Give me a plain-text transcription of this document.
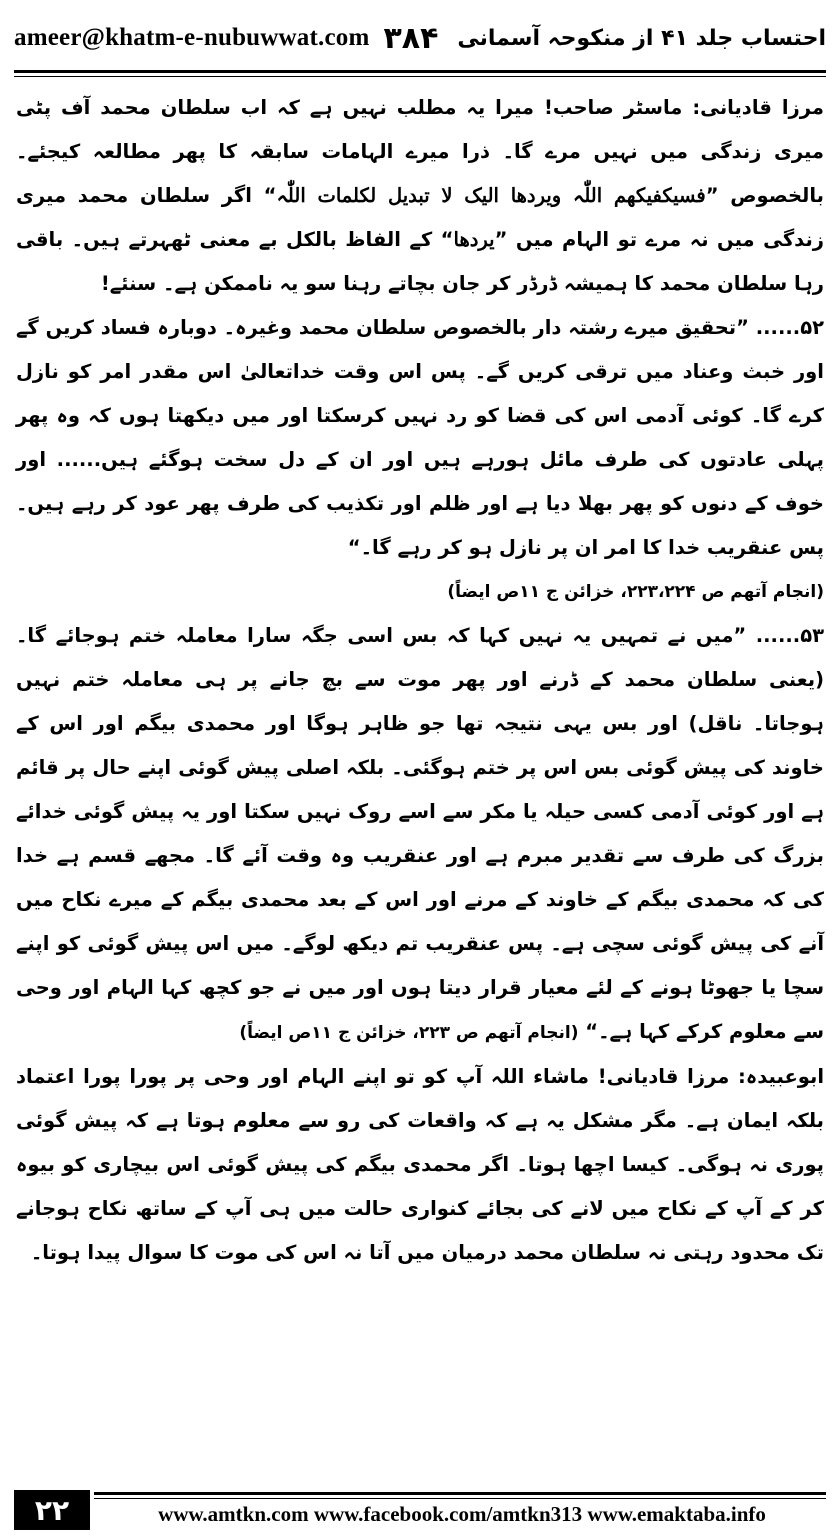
ameer@khatm-e-nubuwwat.com ۳۸۴ احتساب جلد ۴۱ از منکوحہ آسمانی

مرزا قادیانی: ماسٹر صاحب! میرا یہ مطلب نہیں ہے کہ اب سلطان محمد آف پٹی میری زندگی میں نہیں مرے گا۔ ذرا میرے الہامات سابقہ کا پھر مطالعہ کیجئے۔ بالخصوص ”فسیکفیکھم اللّٰہ ویردھا الیک لا تبدیل لکلمات اللّٰہ“ اگر سلطان محمد میری زندگی میں نہ مرے تو الہام میں ”یردھا“ کے الفاظ بالکل بے معنی ٹھہرتے ہیں۔ باقی رہا سلطان محمد کا ہمیشہ ڈرڈر کر جان بچاتے رہنا سو یہ ناممکن ہے۔ سنئے!

۵۲...... ”تحقیق میرے رشتہ دار بالخصوص سلطان محمد وغیرہ۔ دوبارہ فساد کریں گے اور خبث وعناد میں ترقی کریں گے۔ پس اس وقت خداتعالیٰ اس مقدر امر کو نازل کرے گا۔ کوئی آدمی اس کی قضا کو رد نہیں کرسکتا اور میں دیکھتا ہوں کہ وہ پھر پہلی عادتوں کی طرف مائل ہورہے ہیں اور ان کے دل سخت ہوگئے ہیں...... اور خوف کے دنوں کو پھر بھلا دیا ہے اور ظلم اور تکذیب کی طرف پھر عود کر رہے ہیں۔ پس عنقریب خدا کا امر ان پر نازل ہو کر رہے گا۔“

(انجام آتھم ص ۲۲۳،۲۲۴، خزائن ج ۱۱ص ایضاً)

۵۳...... ”میں نے تمہیں یہ نہیں کہا کہ بس اسی جگہ سارا معاملہ ختم ہوجائے گا۔ (یعنی سلطان محمد کے ڈرنے اور پھر موت سے بچ جانے پر ہی معاملہ ختم نہیں ہوجاتا۔ ناقل) اور بس یہی نتیجہ تھا جو ظاہر ہوگا اور محمدی بیگم اور اس کے خاوند کی پیش گوئی بس اس پر ختم ہوگئی۔ بلکہ اصلی پیش گوئی اپنے حال پر قائم ہے اور کوئی آدمی کسی حیلہ یا مکر سے اسے روک نہیں سکتا اور یہ پیش گوئی خدائے بزرگ کی طرف سے تقدیر مبرم ہے اور عنقریب وہ وقت آئے گا۔ مجھے قسم ہے خدا کی کہ محمدی بیگم کے خاوند کے مرنے اور اس کے بعد محمدی بیگم کے میرے نکاح میں آنے کی پیش گوئی سچی ہے۔ پس عنقریب تم دیکھ لوگے۔ میں اس پیش گوئی کو اپنے سچا یا جھوٹا ہونے کے لئے معیار قرار دیتا ہوں اور میں نے جو کچھ کہا الہام اور وحی سے معلوم کرکے کہا ہے۔“ (انجام آتھم ص ۲۲۳، خزائن ج ۱۱ص ایضاً)

ابوعبیدہ: مرزا قادیانی! ماشاء اللہ آپ کو تو اپنے الہام اور وحی پر پورا پورا اعتماد بلکہ ایمان ہے۔ مگر مشکل یہ ہے کہ واقعات کی رو سے معلوم ہوتا ہے کہ پیش گوئی پوری نہ ہوگی۔ کیسا اچھا ہوتا۔ اگر محمدی بیگم کی پیش گوئی اس بیچاری کو بیوہ کر کے آپ کے نکاح میں لانے کی بجائے کنواری حالت میں ہی آپ کے ساتھ نکاح ہوجانے تک محدود رہتی نہ سلطان محمد درمیان میں آتا نہ اس کی موت کا سوال پیدا ہوتا۔

۲۲	www.amtkn.com www.facebook.com/amtkn313 www.emaktaba.info
